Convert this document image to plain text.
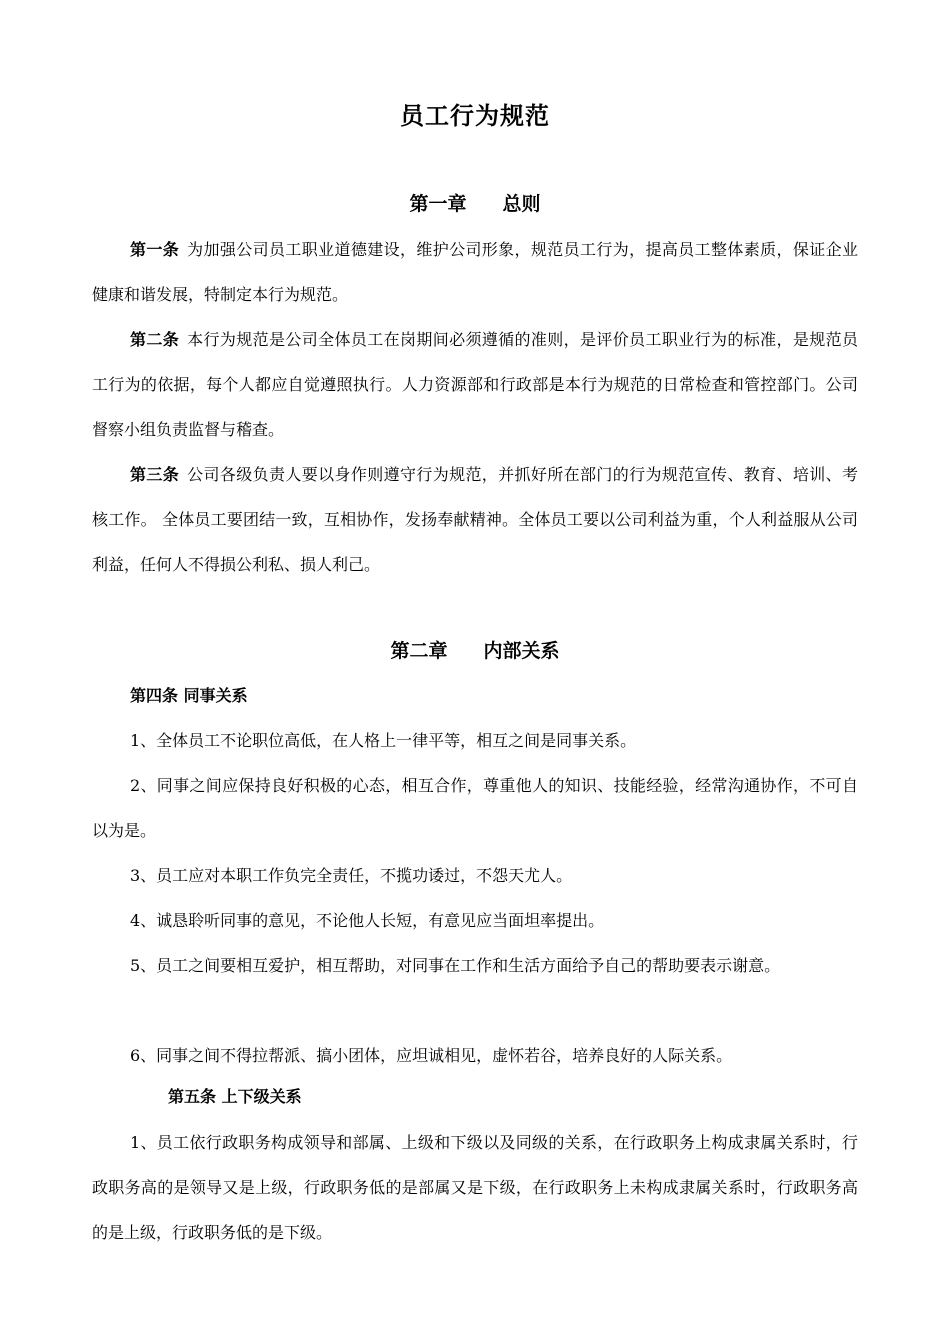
员工行为规范
第一章 总则

第一条 为加强公司员工职业道德建设，维护公司形象，规范员工行为，提高员工整体素质，保证企业健康和谐发展，特制定本行为规范。

第二条 本行为规范是公司全体员工在岗期间必须遵循的准则，是评价员工职业行为的标准，是规范员工行为的依据，每个人都应自觉遵照执行。人力资源部和行政部是本行为规范的日常检查和管控部门。公司督察小组负责监督与稽查。

第三条 公司各级负责人要以身作则遵守行为规范，并抓好所在部门的行为规范宣传、教育、培训、考核工作。 全体员工要团结一致，互相协作，发扬奉献精神。全体员工要以公司利益为重，个人利益服从公司利益，任何人不得损公利私、损人利己。

第二章 内部关系
第四条 同事关系

1、全体员工不论职位高低，在人格上一律平等，相互之间是同事关系。

2、同事之间应保持良好积极的心态，相互合作，尊重他人的知识、技能经验，经常沟通协作，不可自以为是。

3、员工应对本职工作负完全责任，不揽功诿过，不怨天尤人。

4、诚恳聆听同事的意见，不论他人长短，有意见应当面坦率提出。

5、员工之间要相互爱护，相互帮助，对同事在工作和生活方面给予自己的帮助要表示谢意。

6、同事之间不得拉帮派、搞小团体，应坦诚相见，虚怀若谷，培养良好的人际关系。

第五条 上下级关系

1、员工依行政职务构成领导和部属、上级和下级以及同级的关系，在行政职务上构成隶属关系时，行政职务高的是领导又是上级，行政职务低的是部属又是下级，在行政职务上未构成隶属关系时，行政职务高的是上级，行政职务低的是下级。
